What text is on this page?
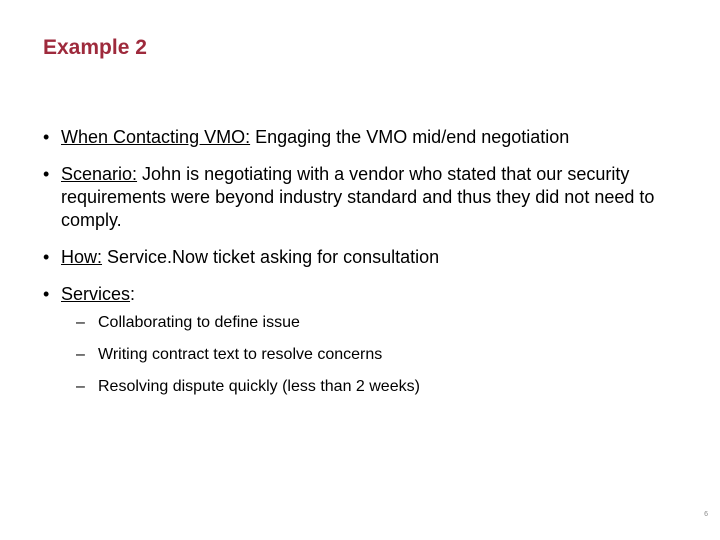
Example 2
• When Contacting VMO: Engaging the VMO mid/end negotiation
• Scenario: John is negotiating with a vendor who stated that our security requirements were beyond industry standard and thus they did not need to comply.
• How: Service.Now ticket asking for consultation
• Services:
– Collaborating to define issue
– Writing contract text to resolve concerns
– Resolving dispute quickly (less than 2 weeks)
6
